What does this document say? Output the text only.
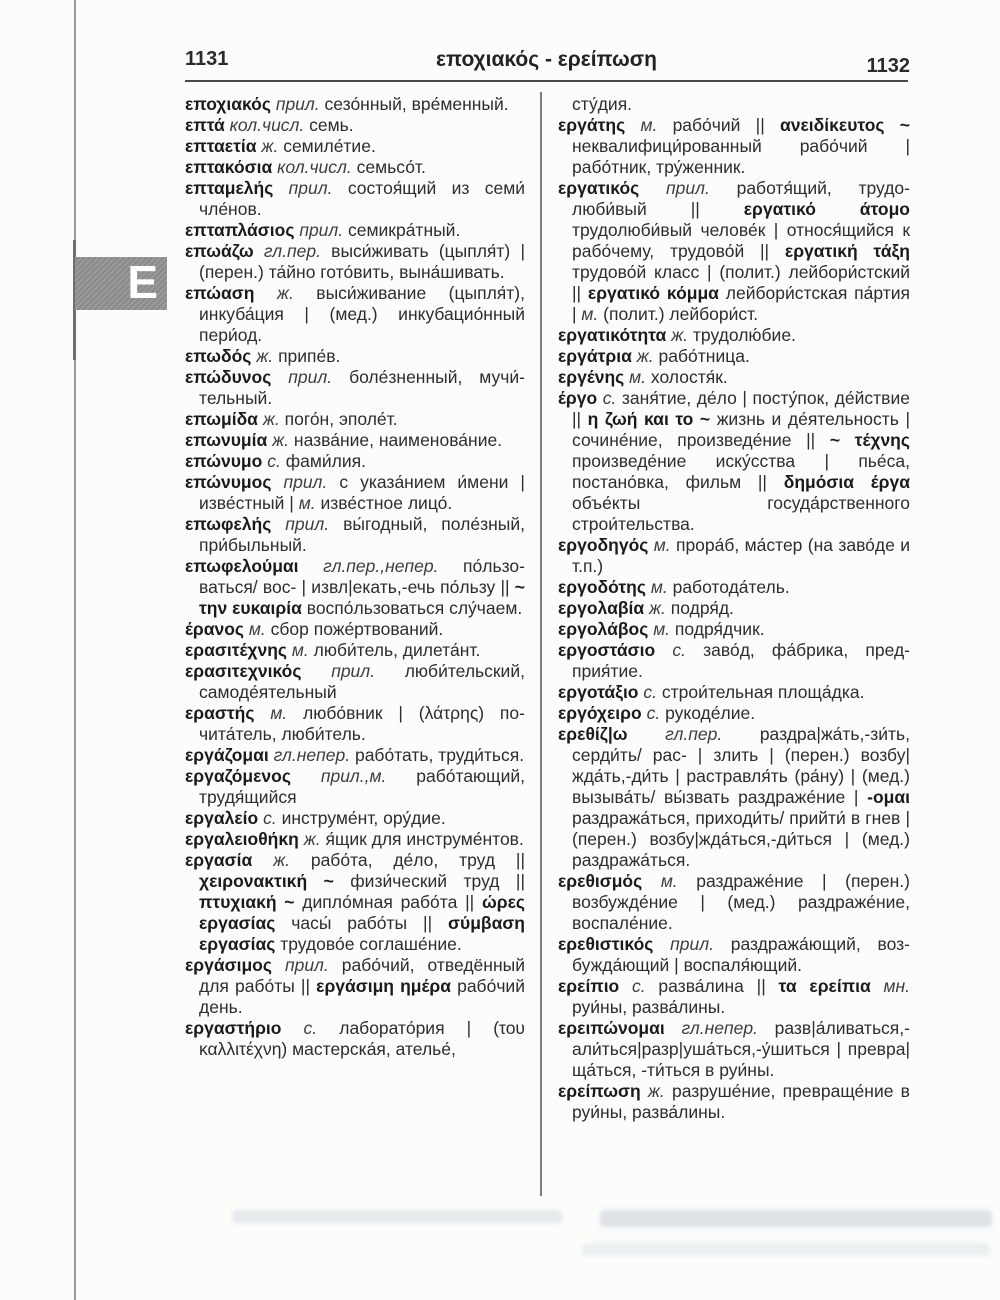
1131	εποχιακός - ερείπωση	1132
E

εποχιακός прил. сезо́нный, вре́менный.

επτά кол.числ. семь.

επταετία ж. семиле́тие.

επτακόσια кол.числ. семьсо́т.

επταμελής прил. состоя́щий из семи́ чле́нов.

επταπλάσιος прил. семикра́тный.

επωάζω гл.пер. выси́живать (цыпля́т) | (перен.) та́йно гото́вить, вына́шивать.

επώαση ж. выси́живание (цыпля́т), инкуба́ция | (мед.) инкубацио́нный пери́од.

επωδός ж. припе́в.

επώδυνος прил. боле́зненный, мучи́тельный.

επωμίδα ж. пого́н, эполе́т.

επωνυμία ж. назва́ние, наименова́ние.

επώνυμο с. фами́лия.

επώνυμος прил. с указа́нием и́мени | изве́стный | м. изве́стное лицо́.

επωφελής прил. вы́годный, поле́зный, при́быльный.

επωφελούμαι гл.пер.,непер. по́льзоваться/ вос- | извл|екать,-ечь по́льзу || ~ την ευκαιρία воспо́льзоваться слу́чаем.

έρανος м. сбор поже́ртвований.

ερασιτέχνης м. люби́тель, дилета́нт.

ερασιτεχνικός прил. люби́тельский, самоде́ятельный

εραστής м. любо́вник | (λάτρης) почита́тель, люби́тель.

εργάζομαι гл.непер. рабо́тать, труди́ться.

εργαζόμενος прил.,м. рабо́тающий, трудя́щийся

εργαλείο с. инструме́нт, ору́дие.

εργαλειοθήκη ж. я́щик для инструме́нтов.

εργασία ж. рабо́та, де́ло, труд || χειρονακτική ~ физи́ческий труд || πτυχιακή ~ дипло́мная рабо́та || ώρες εργασίας часы́ рабо́ты || σύμβαση εργασίας трудово́е соглаше́ние.

εργάσιμος прил. рабо́чий, отведённый для рабо́ты || εργάσιμη ημέρα рабо́чий день.

εργαστήριο с. лаборато́рия | (του καλλιτέχνη) мастерска́я, ателье́,

сту́дия.

εργάτης м. рабо́чий || ανειδίκευτος ~ неквалифици́рованный рабо́чий | рабо́тник, тру́женник.

εργατικός прил. работя́щий, трудолюби́вый ||	εργατικό άτομο трудолюби́вый челове́к | относя́щийся к рабо́чему, трудово́й || εργατική τάξη трудово́й класс | (полит.) лейбори́стский || εργατικό κόμμα лейбори́стская па́ртия | м. (полит.) лейбори́ст.

εργατικότητα ж. трудолю́бие.

εργάτρια ж. рабо́тница.

εργένης м. холостя́к.

έργο с. заня́тие, де́ло | посту́пок, де́йствие || η ζωή και το ~ жизнь и де́ятельность | сочине́ние, произведе́ние || ~ τέχνης произведе́ние иску́сства | пье́са, постано́вка, фильм || δημόσια έργα объе́кты госуда́рственного строи́тельства.

εργοδηγός м. прора́б, ма́стер (на заво́де и т.п.)

εργοδότης м. работода́тель.

εργολαβία ж. подря́д.

εργολάβος м. подря́дчик.

εργοστάσιο с. заво́д, фа́брика, предприя́тие.

εργοτάξιο с. строи́тельная площа́дка.

εργόχειρο с. рукоде́лие.

ερεθίζ|ω гл.пер. раздра|жа́ть,-зи́ть, серди́ть/ рас- | злить | (перен.) возбу|жда́ть,-ди́ть | растравля́ть (ра́ну) | (мед.) вызыва́ть/ вы́звать раздраже́ние | -ομαι раздража́ться, приходи́ть/ прийти́ в гнев | (перен.) возбу|жда́ться,-ди́ться | (мед.) раздража́ться.

ερεθισμός м. раздраже́ние | (перен.) возбужде́ние | (мед.) раздраже́ние, воспале́ние.

ερεθιστικός прил. раздража́ющий, возбужда́ющий | воспаля́ющий.

ερείπιο с. разва́лина || τα ερείπια мн. руи́ны, разва́лины.

ερειπώνομαι гл.непер. разв|а́ливаться,-али́ться|разр|уша́ться,-у́шиться | превра|ща́ться, -ти́ться в руи́ны.

ερείπωση ж. разруше́ние, превраще́ние в руи́ны, разва́лины.
